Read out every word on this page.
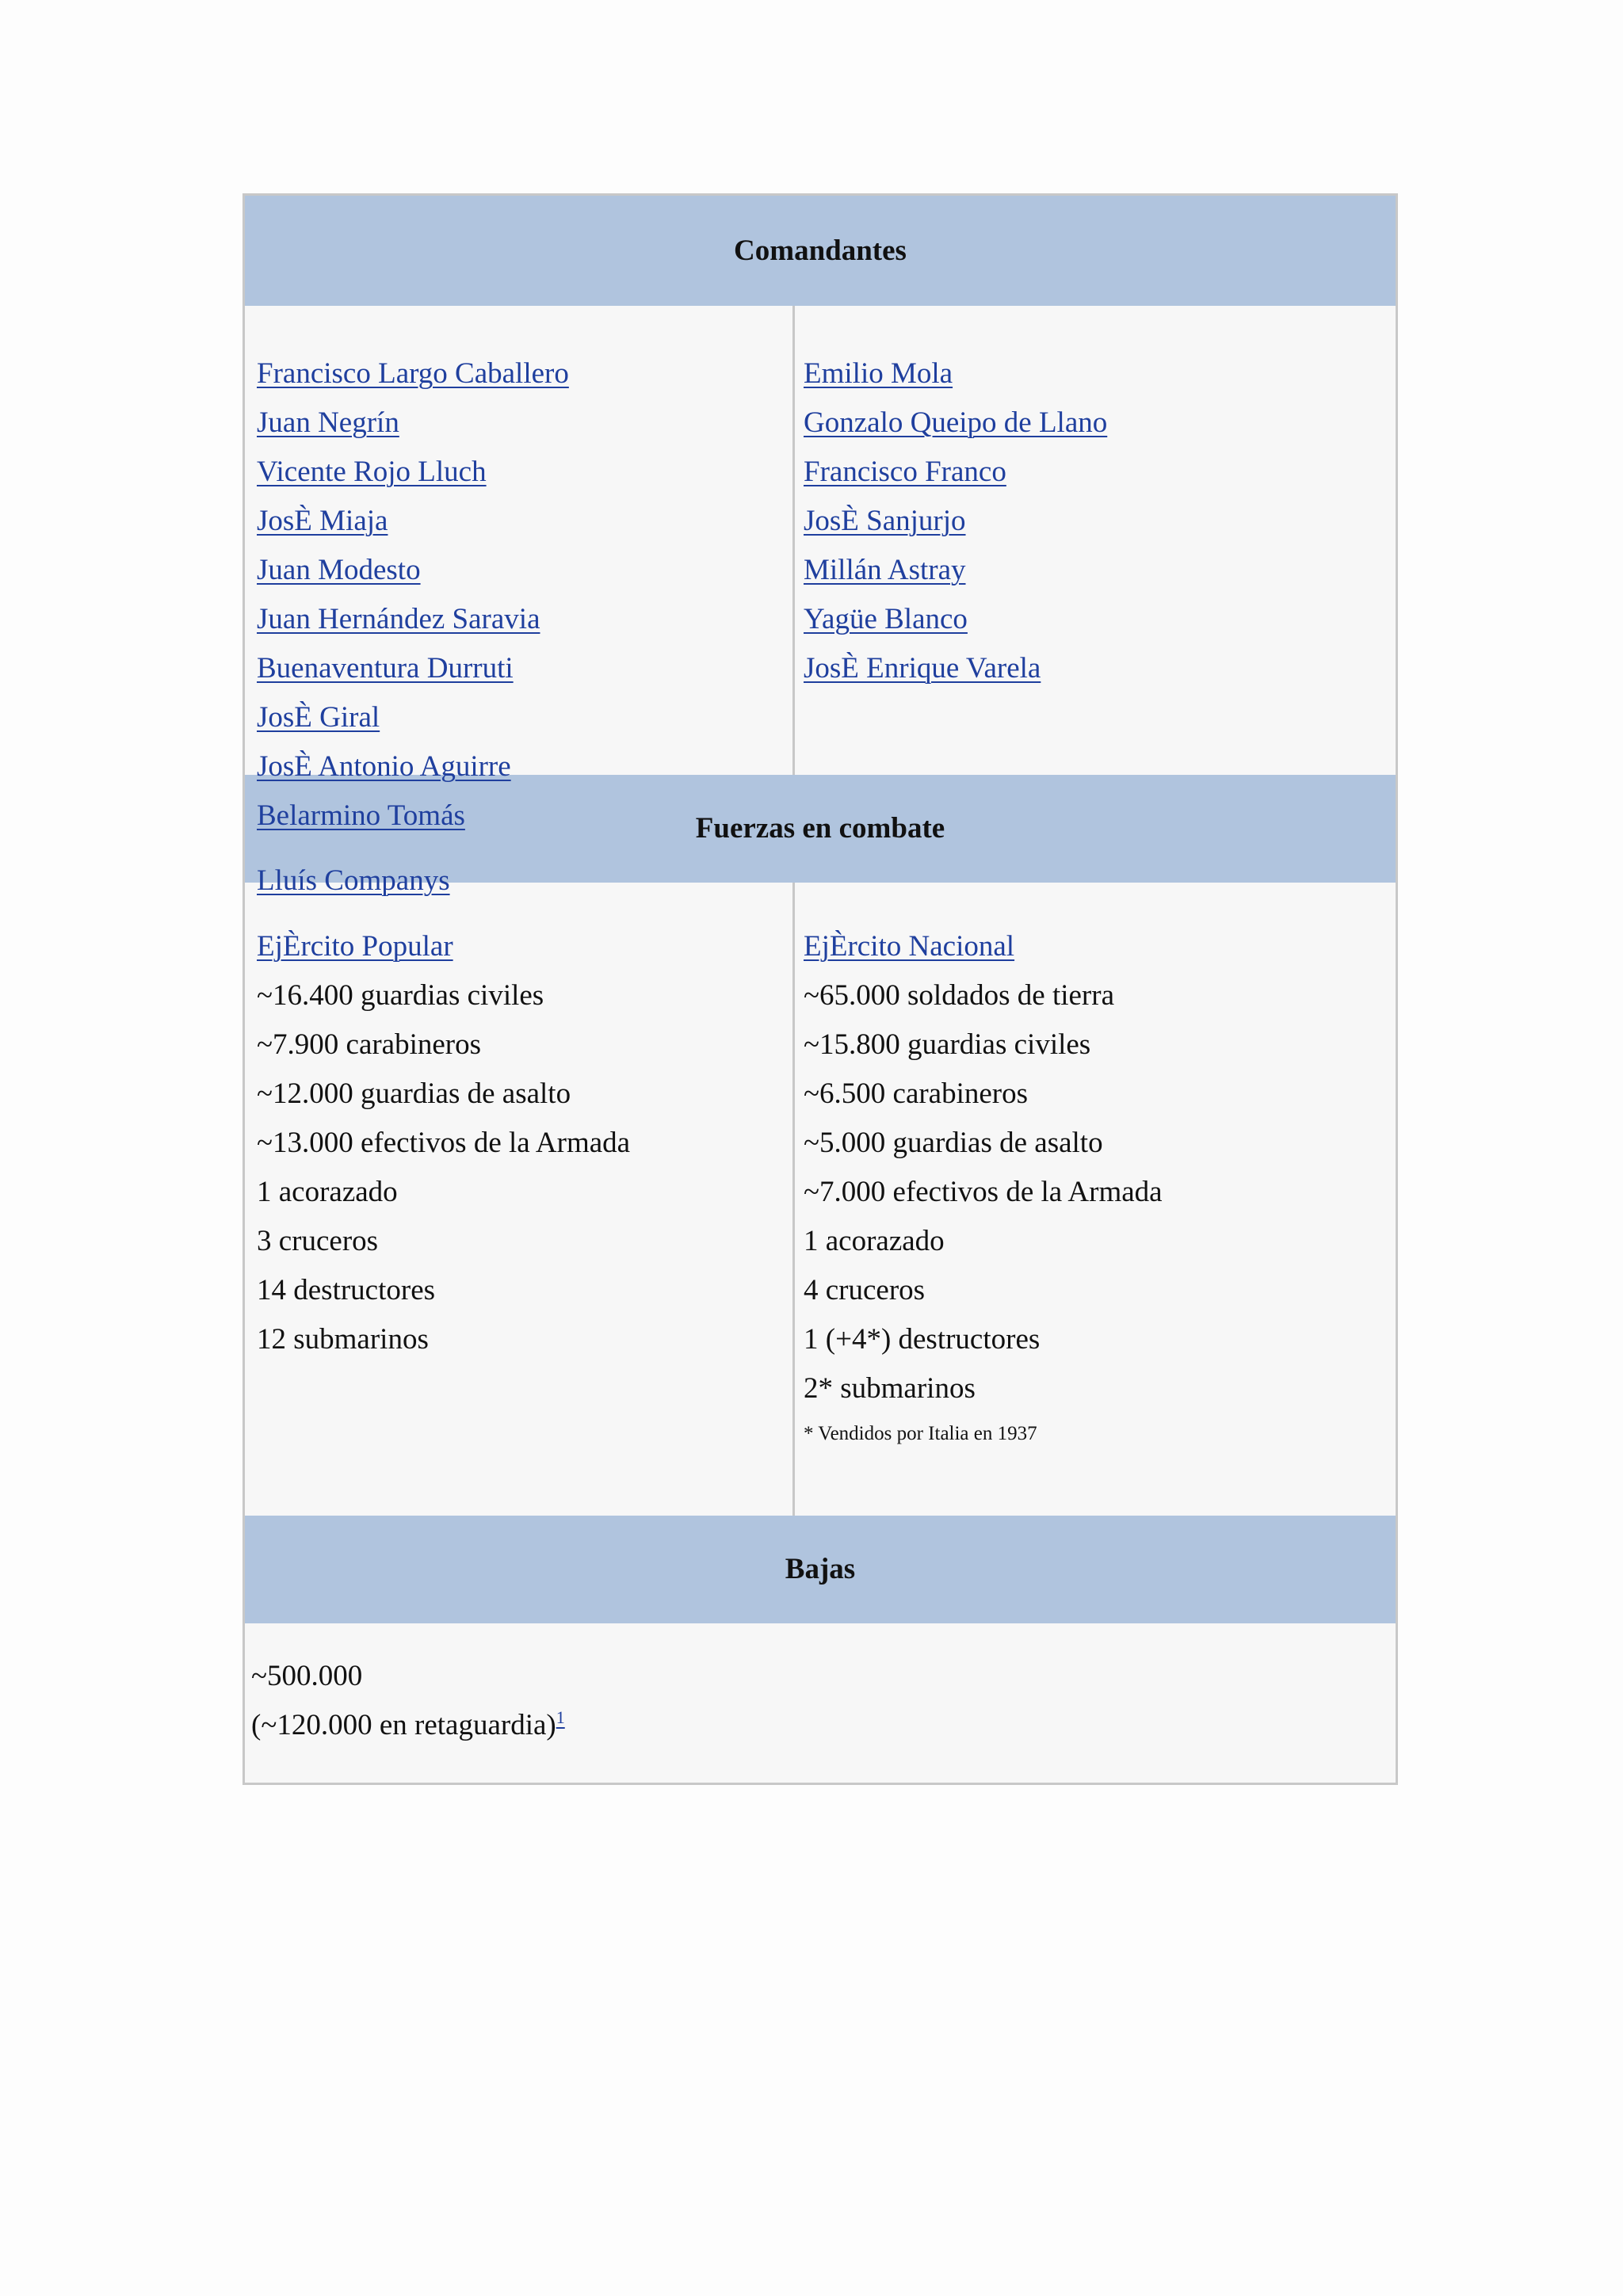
Comandantes
Francisco Largo Caballero
Juan Negrín
Vicente Rojo Lluch
JosÈ Miaja
Juan Modesto
Juan Hernández Saravia
Buenaventura Durruti
JosÈ Giral
JosÈ Antonio Aguirre
Belarmino Tomás
Lluís Companys
Emilio Mola
Gonzalo Queipo de Llano
Francisco Franco
JosÈ Sanjurjo
Millán Astray
Yagüe Blanco
JosÈ Enrique Varela
Fuerzas en combate
EjÈrcito Popular
~16.400 guardias civiles
~7.900 carabineros
~12.000 guardias de asalto
~13.000 efectivos de la Armada
1 acorazado
3 cruceros
14 destructores
12 submarinos
EjÈrcito Nacional
~65.000 soldados de tierra
~15.800 guardias civiles
~6.500 carabineros
~5.000 guardias de asalto
~7.000 efectivos de la Armada
1 acorazado
4 cruceros
1 (+4*) destructores
2* submarinos
* Vendidos por Italia en 1937
Bajas
~500.000
(~120.000 en retaguardia)$^1$
